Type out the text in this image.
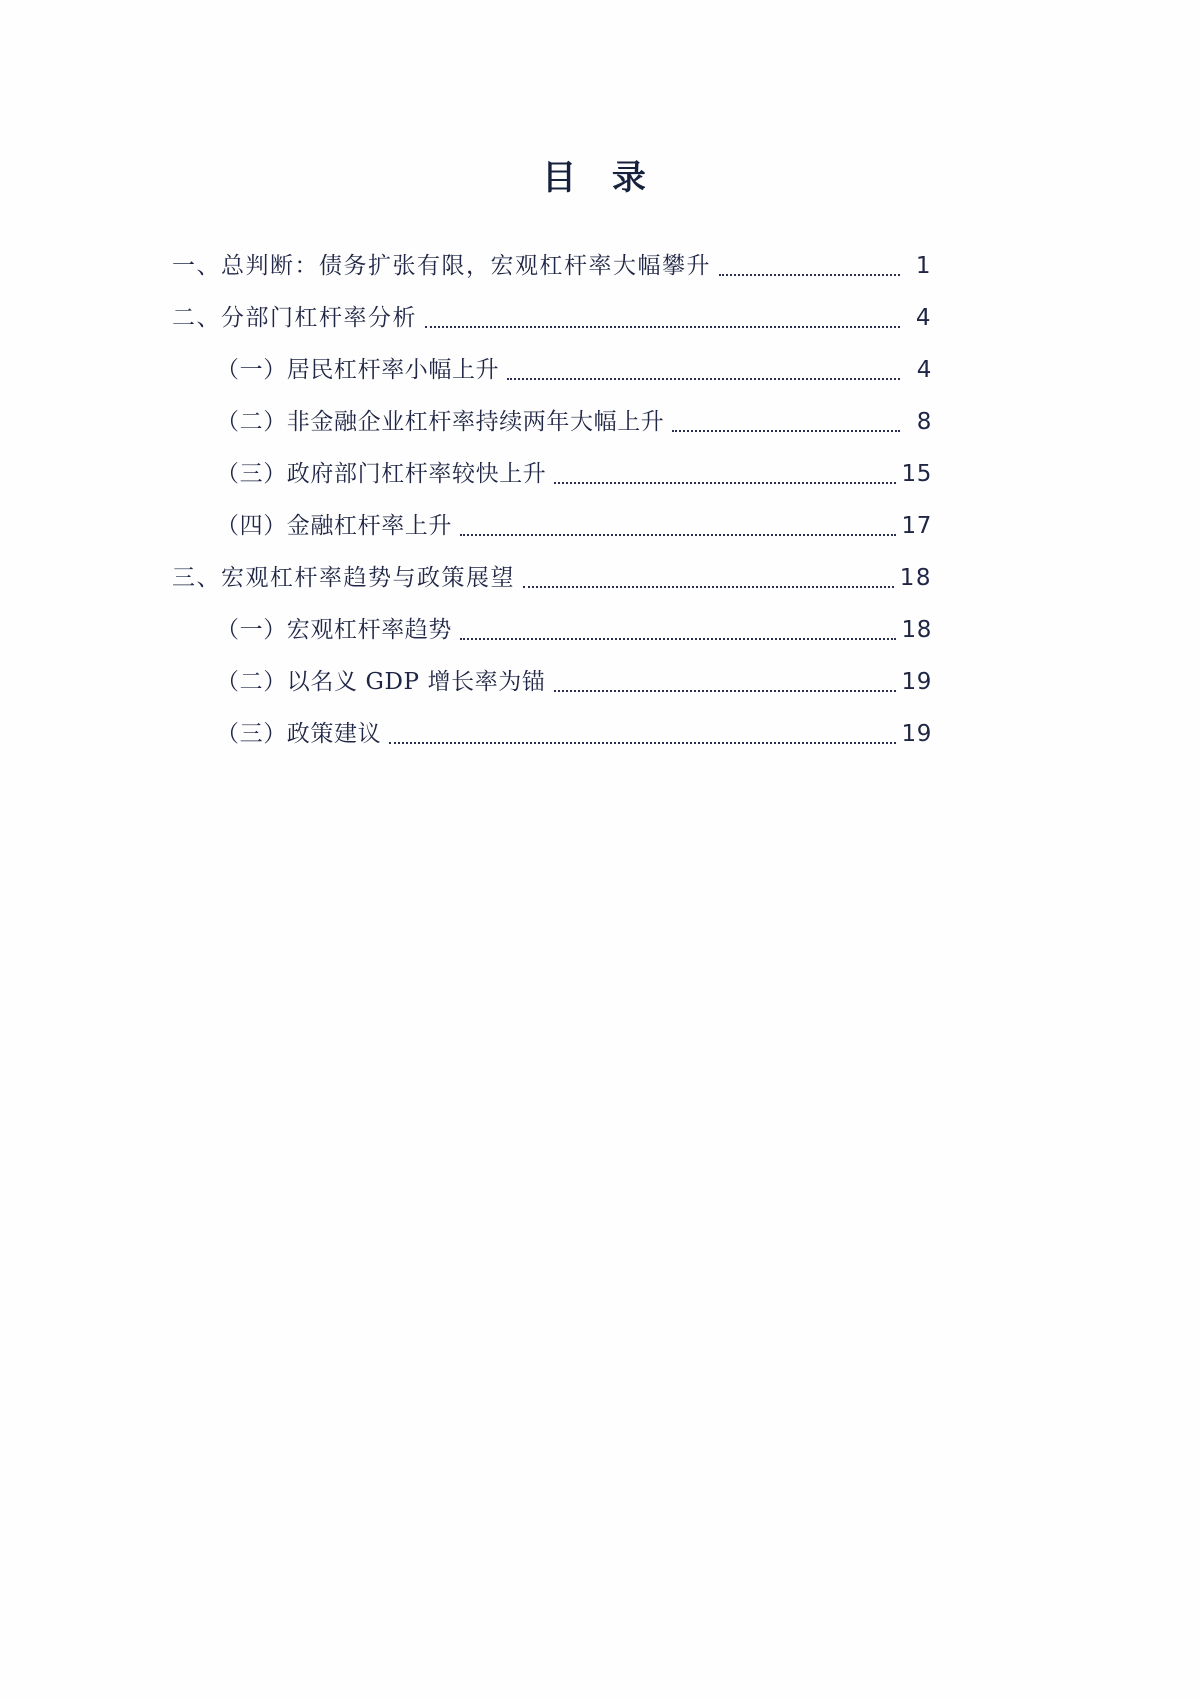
目 录
一、总判断：债务扩张有限，宏观杠杆率大幅攀升	1
二、分部门杠杆率分析	4
（一）居民杠杆率小幅上升	4
（二）非金融企业杠杆率持续两年大幅上升	8
（三）政府部门杠杆率较快上升	15
（四）金融杠杆率上升	17
三、宏观杠杆率趋势与政策展望	18
（一）宏观杠杆率趋势	18
（二）以名义 GDP 增长率为锚	19
（三）政策建议	19
